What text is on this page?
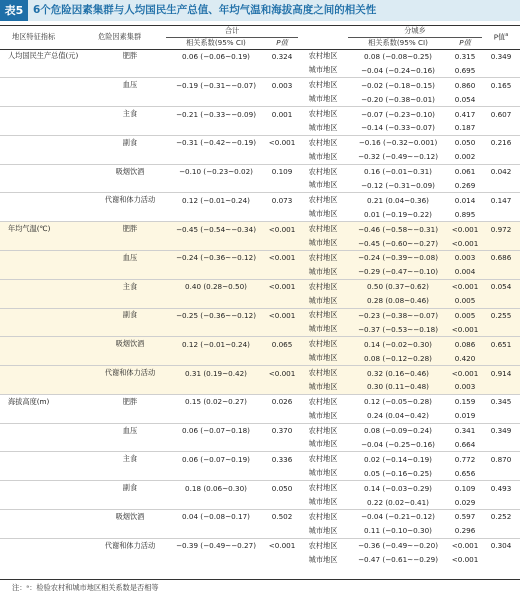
表5 6个危险因素集群与人均国民生产总值、年均气温和海拔高度之间的相关性
地区特征指标	危险因素集群	合计			分城乡		P值$^a$
		相关系数(95% CI)	P值		相关系数(95% CI)	P值	
人均国民生产总值(元)	肥胖	0.06 (−0.06~0.19)	0.324	农村地区	0.08 (−0.08~0.25)	0.315	0.349
				城市地区	−0.04 (−0.24~0.16)	0.695	
	血压	−0.19 (−0.31~−0.07)	0.003	农村地区	−0.02 (−0.18~0.15)	0.860	0.165
				城市地区	−0.20 (−0.38~0.01)	0.054	
	主食	−0.21 (−0.33~−0.09)	0.001	农村地区	−0.07 (−0.23~0.10)	0.417	0.607
				城市地区	−0.14 (−0.33~0.07)	0.187	
	副食	−0.31 (−0.42~−0.19)	<0.001	农村地区	−0.16 (−0.32~0.001)	0.050	0.216
				城市地区	−0.32 (−0.49~−0.12)	0.002	
	吸烟饮酒	−0.10 (−0.23~0.02)	0.109	农村地区	0.16 (−0.01~0.31)	0.061	0.042
				城市地区	−0.12 (−0.31~0.09)	0.269	
	代谢和体力活动	0.12 (−0.01~0.24)	0.073	农村地区	0.21 (0.04~0.36)	0.014	0.147
				城市地区	0.01 (−0.19~0.22)	0.895	
年均气温(℃)	肥胖	−0.45 (−0.54~−0.34)	<0.001	农村地区	−0.46 (−0.58~−0.31)	<0.001	0.972
				城市地区	−0.45 (−0.60~−0.27)	<0.001	
	血压	−0.24 (−0.36~−0.12)	<0.001	农村地区	−0.24 (−0.39~−0.08)	0.003	0.686
				城市地区	−0.29 (−0.47~−0.10)	0.004	
	主食	0.40 (0.28~0.50)	<0.001	农村地区	0.50 (0.37~0.62)	<0.001	0.054
				城市地区	0.28 (0.08~0.46)	0.005	
	副食	−0.25 (−0.36~−0.12)	<0.001	农村地区	−0.23 (−0.38~−0.07)	0.005	0.255
				城市地区	−0.37 (−0.53~−0.18)	<0.001	
	吸烟饮酒	0.12 (−0.01~0.24)	0.065	农村地区	0.14 (−0.02~0.30)	0.086	0.651
				城市地区	0.08 (−0.12~0.28)	0.420	
	代谢和体力活动	0.31 (0.19~0.42)	<0.001	农村地区	0.32 (0.16~0.46)	<0.001	0.914
				城市地区	0.30 (0.11~0.48)	0.003	
海拔高度(m)	肥胖	0.15 (0.02~0.27)	0.026	农村地区	0.12 (−0.05~0.28)	0.159	0.345
				城市地区	0.24 (0.04~0.42)	0.019	
	血压	0.06 (−0.07~0.18)	0.370	农村地区	0.08 (−0.09~0.24)	0.341	0.349
				城市地区	−0.04 (−0.25~0.16)	0.664	
	主食	0.06 (−0.07~0.19)	0.336	农村地区	0.02 (−0.14~0.19)	0.772	0.870
				城市地区	0.05 (−0.16~0.25)	0.656	
	副食	0.18 (0.06~0.30)	0.050	农村地区	0.14 (−0.03~0.29)	0.109	0.493
				城市地区	0.22 (0.02~0.41)	0.029	
	吸烟饮酒	0.04 (−0.08~0.17)	0.502	农村地区	−0.04 (−0.21~0.12)	0.597	0.252
				城市地区	0.11 (−0.10~0.30)	0.296	
	代谢和体力活动	−0.39 (−0.49~−0.27)	<0.001	农村地区	−0.36 (−0.49~−0.20)	<0.001	0.304
				城市地区	−0.47 (−0.61~−0.29)	<0.001	
注：ᵃ：检验农村和城市地区相关系数是否相等
